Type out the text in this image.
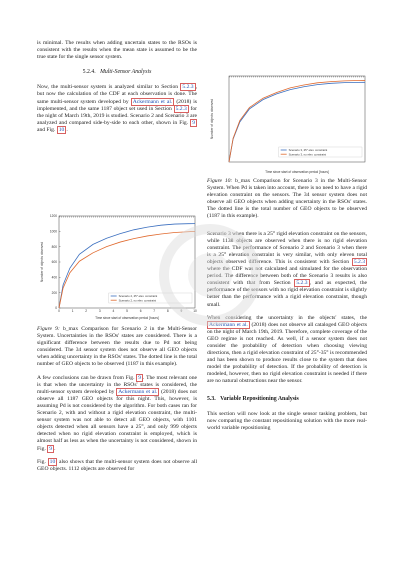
is minimal. The results when adding uncertain states to the RSOs is consistent with the results when the mean state is assumed to be the true state for the single sensor system.

5.2.4. Multi-Sensor Analysis

Now, the multi-sensor system is analyzed similar to Section 5.2.3 , but now the calculation of the CDF at each observation is done. The same multi-sensor system developed by Ackermann et al. (2018) is implemented, and the same 1187 object set used in Section 5.2.3 for the night of March 19th, 2019 is studied. Scenario 2 and Scenario 3 are analyzed and compared side-by-side to each other, shown in Fig. 9 and Fig. 10 .

0
200
400
600
800
1000
1200
0	1	2	3	4	5	6	7	8	9	10
Scenario 2, 25° elev. constraint
Scenario 2, no elev. constraint
Time since start of observation period [hours]
Number of objects observed

Figure 9: b_max Comparison for Scenario 2 in the Multi-Sensor System. Uncertainties in the RSOs' states are considered. There is a significant difference between the results due to Pd not being considered. The 34 sensor system does not observe all GEO objects when adding uncertainty in the RSOs' states. The dotted line is the total number of GEO objects to be observed (1187 in this example).

A few conclusions can be drawn from Fig. 9 . The most relevant one is that when the uncertainty in the RSOs' states is considered, the multi-sensor system developed by Ackermann et al. (2018) does not observe all 1187 GEO objects for this night. This, however, is assuming Pd is not considered by the algorithm. For both cases ran for Scenario 2, with and without a rigid elevation constraint, the multi-sensor system was not able to detect all GEO objects, with 1101 objects detected when all sensors have a 25°, and only 999 objects detected when no rigid elevation constraint is employed, which is almost half as less as when the uncertainty is not considered, shown in Fig. 9 .

Fig. 10 also shows that the multi-sensor system does not observe all GEO objects. 1112 objects are observed for

Scenario 3, 25° elev. constraint
Scenario 3, no elev. constraint
Time since start of observation period [hours]
Number of objects observed

Figure 10: b_max Comparison for Scenario 3 in the Multi-Sensor System. When Pd is taken into account, there is no need to have a rigid elevation constraint on the sensors. The 34 sensor system does not observe all GEO objects when adding uncertainty in the RSOs' states. The dotted line is the total number of GEO objects to be observed (1187 in this example).

Scenario 3 when there is a 25° rigid elevation constraint on the sensors, while 1138 objects are observed when there is no rigid elevation constraint. The performance of Scenario 2 and Scenario 3 when there is a 25° elevation constraint is very similar, with only eleven total objects observed difference. This is consistent with Section 5.2.3 where the CDF was not calculated and simulated for the observation period. The difference between both of the Scenario 3 results is also consistent with that from Section 5.2.3 , and as expected, the performance of the sensors with no rigid elevation constraint is slightly better than the performance with a rigid elevation constraint, though small.

When considering the uncertainty in the objects' states, the Ackermann et al. (2018) does not observe all cataloged GEO objects on the night of March 19th, 2019. Therefore, complete coverage of the GEO regime is not reached. As well, if a sensor system does not consider the probability of detection when choosing viewing directions, then a rigid elevation constraint of 25°-35° is recommended and has been shown to produce results close to the system that does model the probability of detection. If the probability of detection is modeled, however, then no rigid elevation constraint is needed if there are no natural obstructions near the sensor.

5.3. Variable Repositioning Analysis

This section will now look at the single sensor tasking problem, but now comparing the constant repositioning solution with the more real-world variable repositioning
